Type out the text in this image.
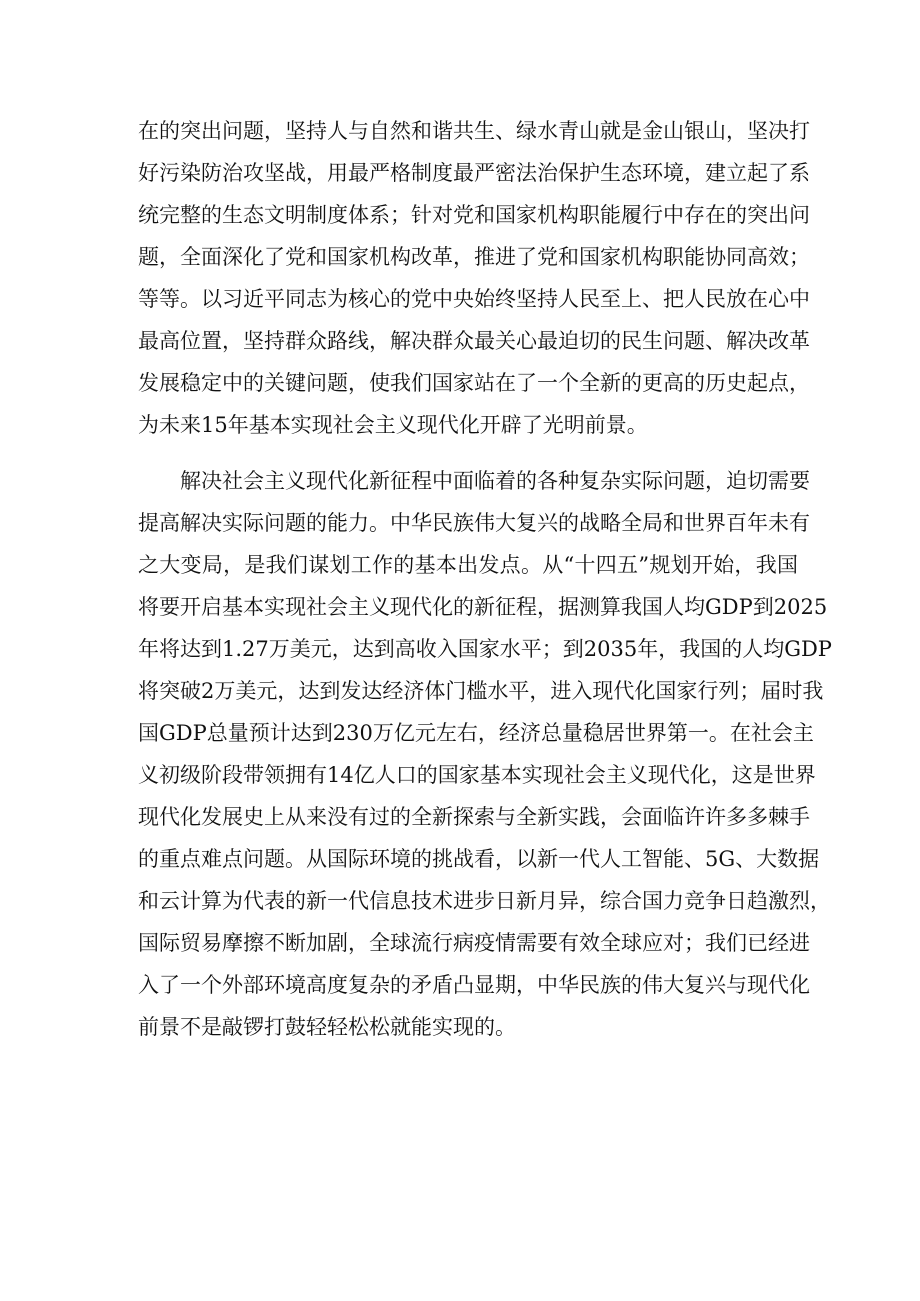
在的突出问题，坚持人与自然和谐共生、绿水青山就是金山银山，坚决打
好污染防治攻坚战，用最严格制度最严密法治保护生态环境，建立起了系
统完整的生态文明制度体系；针对党和国家机构职能履行中存在的突出问
题，全面深化了党和国家机构改革，推进了党和国家机构职能协同高效；
等等。以习近平同志为核心的党中央始终坚持人民至上、把人民放在心中
最高位置，坚持群众路线，解决群众最关心最迫切的民生问题、解决改革
发展稳定中的关键问题，使我们国家站在了一个全新的更高的历史起点，
为未来15年基本实现社会主义现代化开辟了光明前景。
解决社会主义现代化新征程中面临着的各种复杂实际问题，迫切需要
提高解决实际问题的能力。中华民族伟大复兴的战略全局和世界百年未有
之大变局，是我们谋划工作的基本出发点。从“十四五”规划开始，我国
将要开启基本实现社会主义现代化的新征程，据测算我国人均GDP到2025
年将达到1.27万美元，达到高收入国家水平；到2035年，我国的人均GDP
将突破2万美元，达到发达经济体门槛水平，进入现代化国家行列；届时我
国GDP总量预计达到230万亿元左右，经济总量稳居世界第一。在社会主
义初级阶段带领拥有14亿人口的国家基本实现社会主义现代化，这是世界
现代化发展史上从来没有过的全新探索与全新实践，会面临许许多多棘手
的重点难点问题。从国际环境的挑战看，以新一代人工智能、5G、大数据
和云计算为代表的新一代信息技术进步日新月异，综合国力竞争日趋激烈，
国际贸易摩擦不断加剧，全球流行病疫情需要有效全球应对；我们已经进
入了一个外部环境高度复杂的矛盾凸显期，中华民族的伟大复兴与现代化
前景不是敲锣打鼓轻轻松松就能实现的。
